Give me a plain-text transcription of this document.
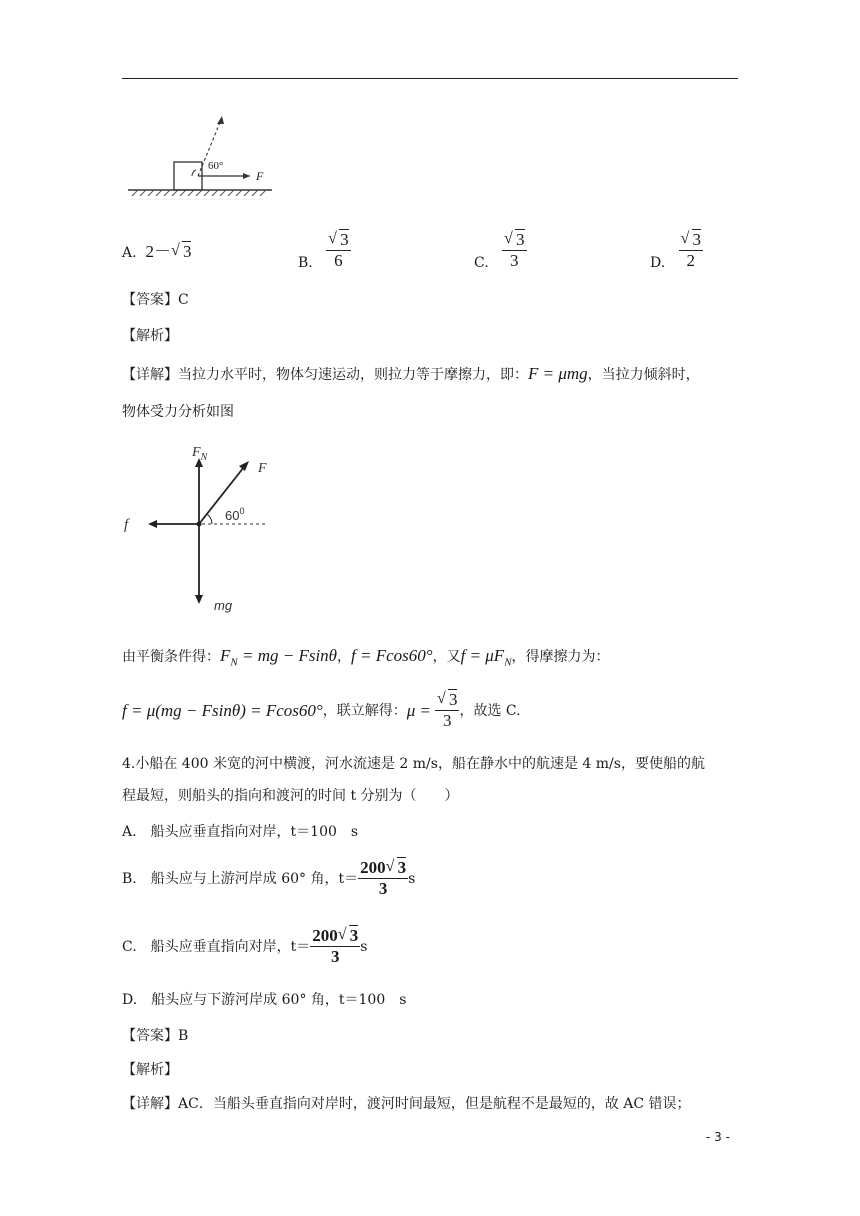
60°
F
A. 2－ √ 3
B. $\frac{√ 3}{6}$	C. $\frac{√ 3}{3}$	D. $\frac{√ 3}{2}$
【答案】C
【解析】
【详解】当拉力水平时，物体匀速运动，则拉力等于摩擦力，即：F = μmg，当拉力倾斜时，
物体受力分析如图
$F_N$
F
$60^0$
f
mg
由平衡条件得：$F_N$ = mg − Fsinθ，f = Fcos60°，又$f = \mu F_N$，得摩擦力为：
f = μ(mg − Fsinθ) = Fcos60° ，联立解得： $\mu = \frac{√ 3}{3}$ ，故选 C.
4.小船在 400 米宽的河中横渡，河水流速是 2 m/s，船在静水中的航速是 4 m/s，要使船的航
程最短，则船头的指向和渡河的时间 t 分别为（　　）
A.　船头应垂直指向对岸，t＝100　s
B.　船头应与上游河岸成 60° 角，$t= \frac{200 √ 3}{3}$ s
C.　船头应垂直指向对岸，$t= \frac{200 √ 3}{3}$ s
D.　船头应与下游河岸成 60° 角，t＝100　s
【答案】B
【解析】
【详解】AC．当船头垂直指向对岸时，渡河时间最短，但是航程不是最短的，故 AC 错误；
- 3 -
